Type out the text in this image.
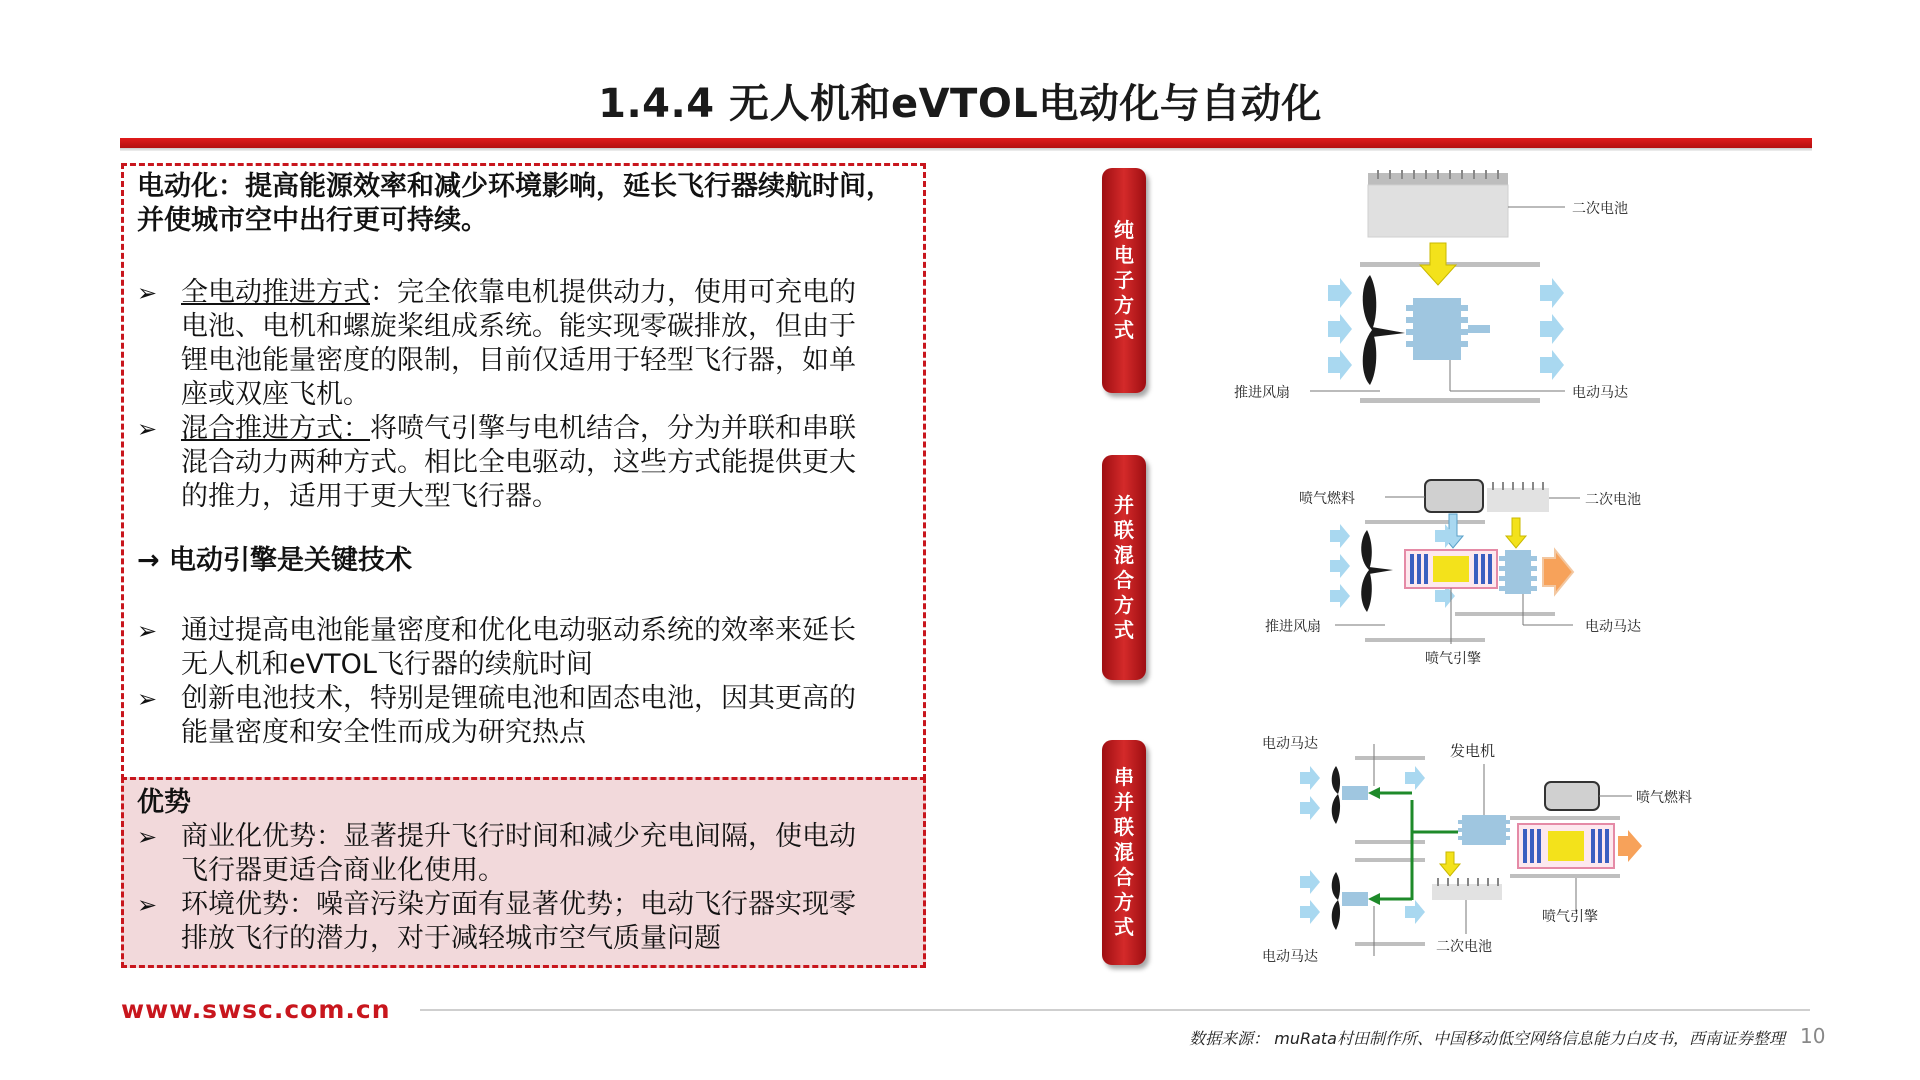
1.4.4 无人机和eVTOL电动化与自动化
电动化：提高能源效率和减少环境影响，延长飞行器续航时间，
并使城市空中出行更可持续。
➢ 全电动推进方式：完全依靠电机提供动力，使用可充电的
电池、电机和螺旋桨组成系统。能实现零碳排放，但由于
锂电池能量密度的限制，目前仅适用于轻型飞行器，如单
座或双座飞机。
➢ 混合推进方式：将喷气引擎与电机结合，分为并联和串联
混合动力两种方式。相比全电驱动，这些方式能提供更大
的推力，适用于更大型飞行器。
→ 电动引擎是关键技术
➢ 通过提高电池能量密度和优化电动驱动系统的效率来延长
无人机和eVTOL飞行器的续航时间
➢ 创新电池技术，特别是锂硫电池和固态电池，因其更高的
能量密度和安全性而成为研究热点
优势
➢ 商业化优势：显著提升飞行时间和减少充电间隔，使电动
飞行器更适合商业化使用。
➢ 环境优势：噪音污染方面有显著优势；电动飞行器实现零
排放飞行的潜力，对于减轻城市空气质量问题
www.swsc.com.cn
数据来源： muRata村田制作所、中国移动低空网络信息能力白皮书，西南证券整理 10
纯电子方式
并联混合方式
串并联混合方式
二次电池
推进风扇	电动马达
喷气燃料	二次电池
推进风扇	电动马达
喷气引擎
电动马达	发电机
喷气燃料
喷气引擎
二次电池
电动马达
